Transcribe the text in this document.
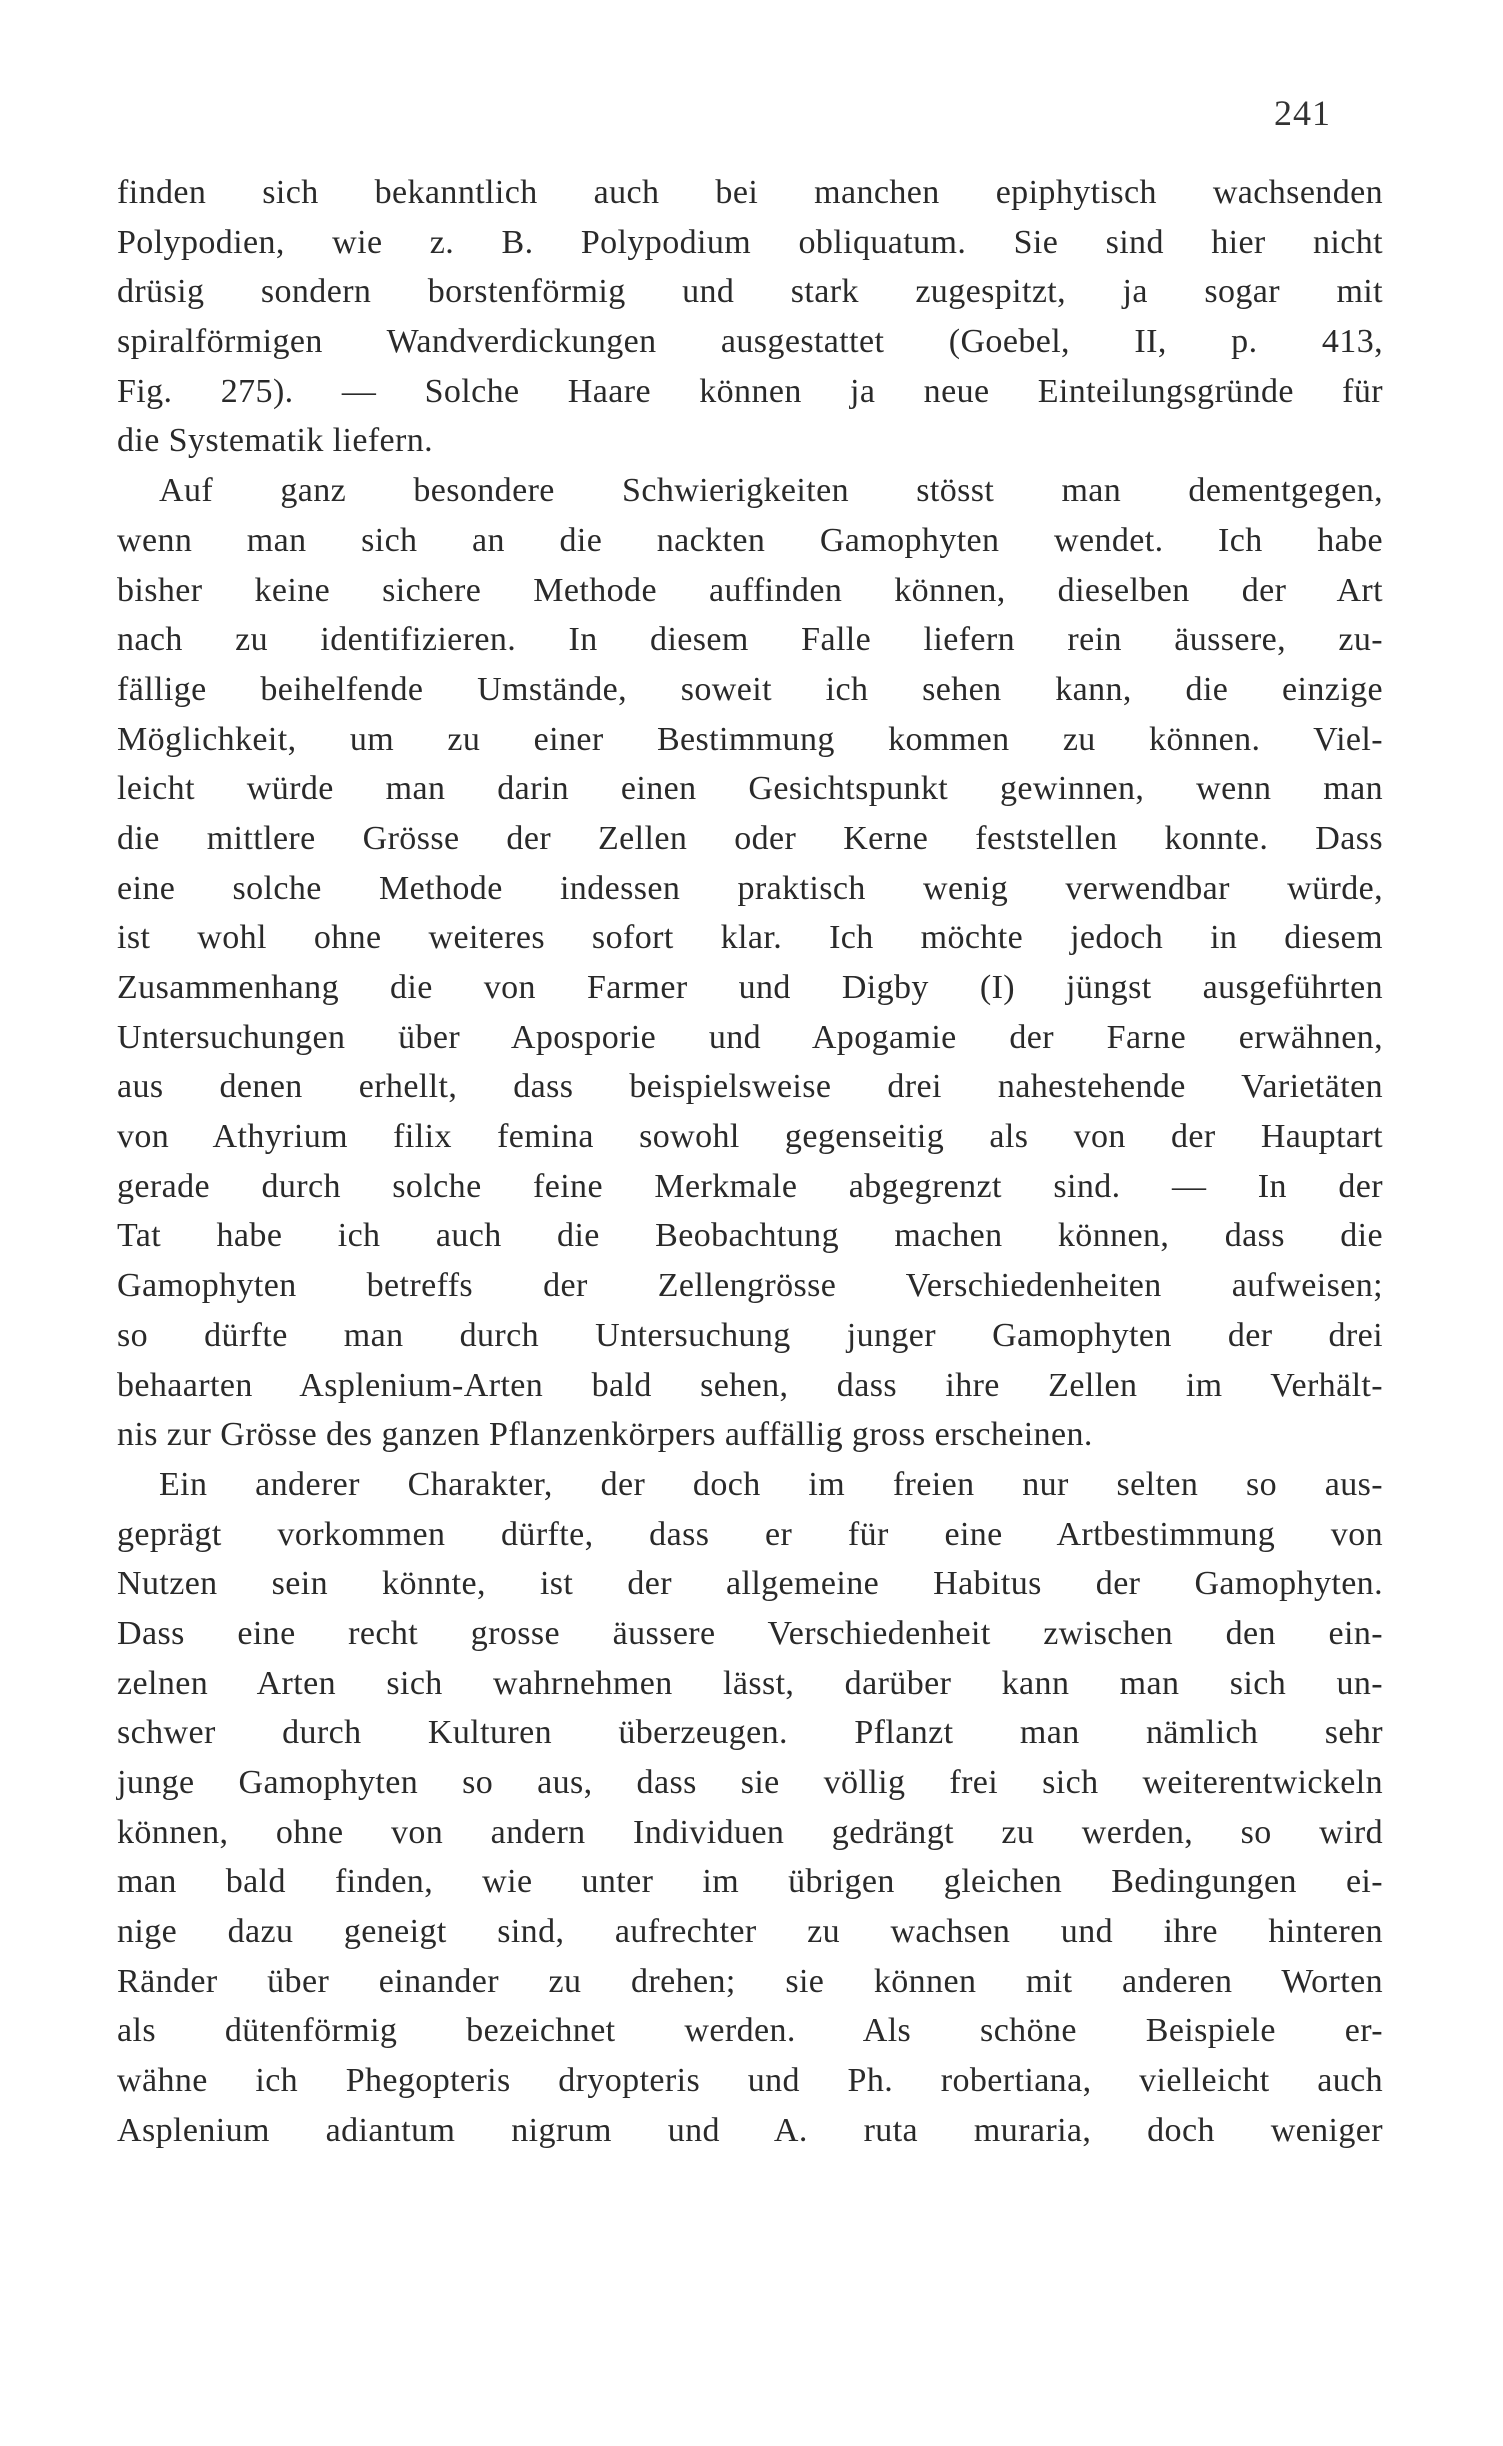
241
finden sich bekanntlich auch bei manchen epiphytisch wachsenden
Polypodien, wie z. B. Polypodium obliquatum. Sie sind hier nicht
drüsig sondern borstenförmig und stark zugespitzt, ja sogar mit
spiralförmigen Wandverdickungen ausgestattet (Goebel, II, p. 413,
Fig. 275). — Solche Haare können ja neue Einteilungsgründe für
die Systematik liefern.
Auf ganz besondere Schwierigkeiten stösst man dementgegen,
wenn man sich an die nackten Gamophyten wendet. Ich habe
bisher keine sichere Methode auffinden können, dieselben der Art
nach zu identifizieren. In diesem Falle liefern rein äussere, zu-
fällige beihelfende Umstände, soweit ich sehen kann, die einzige
Möglichkeit, um zu einer Bestimmung kommen zu können. Viel-
leicht würde man darin einen Gesichtspunkt gewinnen, wenn man
die mittlere Grösse der Zellen oder Kerne feststellen konnte. Dass
eine solche Methode indessen praktisch wenig verwendbar würde,
ist wohl ohne weiteres sofort klar. Ich möchte jedoch in diesem
Zusammenhang die von Farmer und Digby (I) jüngst ausgeführten
Untersuchungen über Aposporie und Apogamie der Farne erwähnen,
aus denen erhellt, dass beispielsweise drei nahestehende Varietäten
von Athyrium filix femina sowohl gegenseitig als von der Hauptart
gerade durch solche feine Merkmale abgegrenzt sind. — In der
Tat habe ich auch die Beobachtung machen können, dass die
Gamophyten betreffs der Zellengrösse Verschiedenheiten aufweisen;
so dürfte man durch Untersuchung junger Gamophyten der drei
behaarten Asplenium-Arten bald sehen, dass ihre Zellen im Verhält-
nis zur Grösse des ganzen Pflanzenkörpers auffällig gross erscheinen.
Ein anderer Charakter, der doch im freien nur selten so aus-
geprägt vorkommen dürfte, dass er für eine Artbestimmung von
Nutzen sein könnte, ist der allgemeine Habitus der Gamophyten.
Dass eine recht grosse äussere Verschiedenheit zwischen den ein-
zelnen Arten sich wahrnehmen lässt, darüber kann man sich un-
schwer durch Kulturen überzeugen. Pflanzt man nämlich sehr
junge Gamophyten so aus, dass sie völlig frei sich weiterentwickeln
können, ohne von andern Individuen gedrängt zu werden, so wird
man bald finden, wie unter im übrigen gleichen Bedingungen ei-
nige dazu geneigt sind, aufrechter zu wachsen und ihre hinteren
Ränder über einander zu drehen; sie können mit anderen Worten
als dütenförmig bezeichnet werden. Als schöne Beispiele er-
wähne ich Phegopteris dryopteris und Ph. robertiana, vielleicht auch
Asplenium adiantum nigrum und A. ruta muraria, doch weniger
